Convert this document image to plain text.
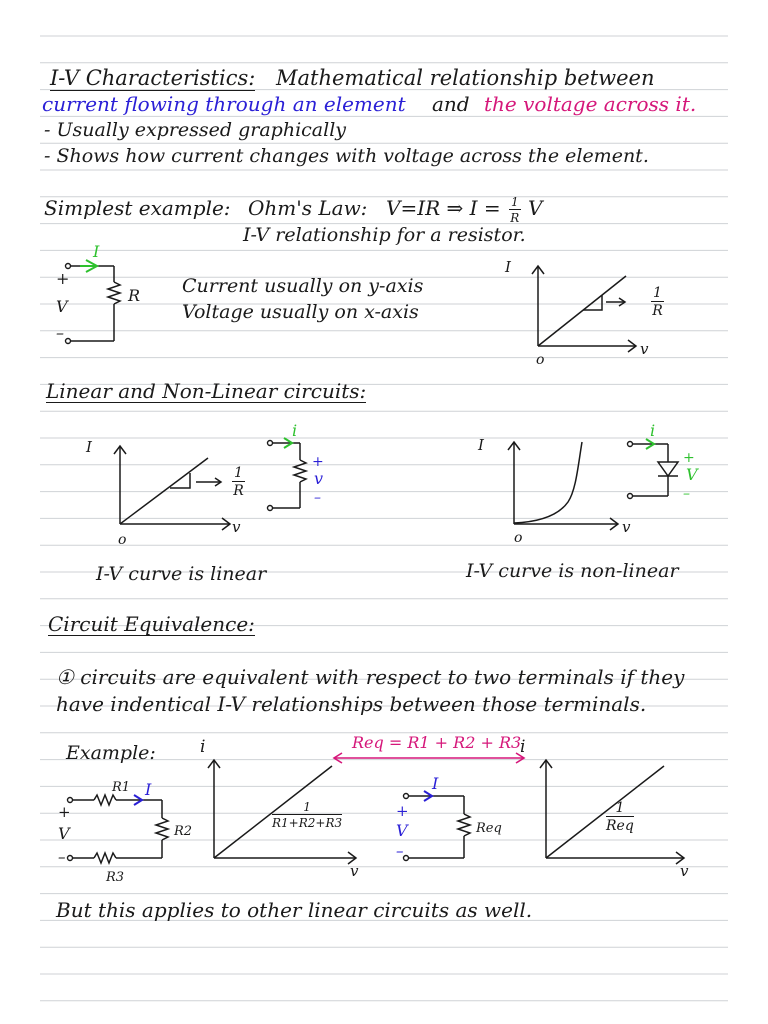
I-V Characteristics: Mathematical relationship between
current flowing through an element and the voltage across it.
- Usually expressed graphically
- Shows how current changes with voltage across the element.
Simplest example: Ohm's Law: V=IR ⇒ $I = \frac{1}{R}$ V
I-V relationship for a resistor.
Current usually on y-axis
Voltage usually on x-axis
I
R
+
V
–
I
v
o
$\frac{1}{R}$
Linear and Non-Linear circuits:
I
v
o
$\frac{1}{R}$
i
+
v
–
I
v
o
i
+
V
–
I-V curve is linear	I-V curve is non-linear
Circuit Equivalence:
① circuits are equivalent with respect to two terminals if they
have indentical I-V relationships between those terminals.
Example:	Req = R1 + R2 + R3
R1 I
R2
R3
+
V
–
i
v
$\frac{1}{R1+R2+R3}$
I
Req
+
V
–
i
v
1
Req
But this applies to other linear circuits as well.
